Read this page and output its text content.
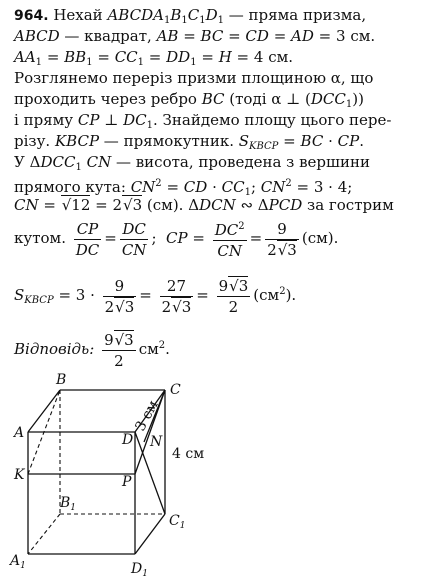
964. Нехай $ABCDA_1B_1C_1D_1$ — пряма призма,
ABCD — квадрат, AB = BC = CD = AD = 3 см.
$AA_1 = BB_1 = CC_1 = DD_1 = H = 4$ см.
Розглянемо переріз призми площиною α, що
проходить через ребро BC (тоді α ⊥ $(DCC_1)$)
і пряму CP ⊥ $DC_1$. Знайдемо площу цього пере-
різу. KBCP — прямокутник. $S_{KBCP}$ = BC · CP.
У $\Delta DCC_1$ CN — висота, проведена з вершини
прямого кута: $CN^2$ = CD · $CC_1$; $CN^2 = 3 \cdot 4$;
CN = √12 = 2√3 (см). ΔDCN ∾ ΔPCD за гострим
кутом. $\frac{CP}{DC} = \frac{DC}{CN}$ ;  CP = $\frac{DC^2}{CN} = \frac{9}{2√3} (см)$.
$S_{KBCP} = 3 \cdot \frac{9}{2√3} = \frac{27}{2√3} = \frac{9√3}{2} (см^2)$.
Відповідь: $\frac{9√3}{2} см^2$.
B
C
A	D N
K	P
$B_1$
$C_1$
$A_1$	$D_1$
3 см
4 см
